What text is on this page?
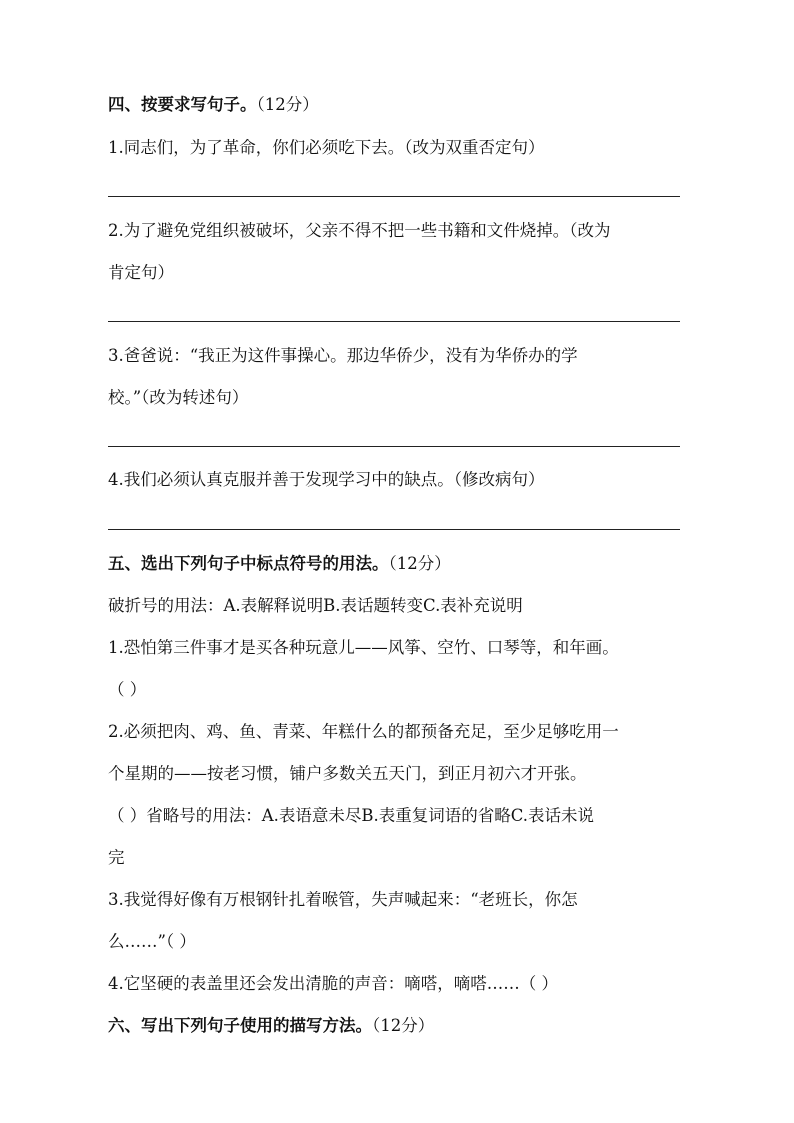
四、按要求写句子。（12分）
1.同志们，为了革命，你们必须吃下去。（改为双重否定句）
2.为了避免党组织被破坏，父亲不得不把一些书籍和文件烧掉。（改为
肯定句）
3.爸爸说：“我正为这件事操心。那边华侨少，没有为华侨办的学
校。”（改为转述句）
4.我们必须认真克服并善于发现学习中的缺点。（修改病句）
五、选出下列句子中标点符号的用法。（12分）
破折号的用法：A.表解释说明B.表话题转变C.表补充说明
1.恐怕第三件事才是买各种玩意儿——风筝、空竹、口琴等，和年画。
（ ）
2.必须把肉、鸡、鱼、青菜、年糕什么的都预备充足，至少足够吃用一
个星期的——按老习惯，铺户多数关五天门，到正月初六才开张。
（ ）省略号的用法：A.表语意未尽B.表重复词语的省略C.表话未说
完
3.我觉得好像有万根钢针扎着喉管，失声喊起来：“老班长，你怎
么……”（ ）
4.它坚硬的表盖里还会发出清脆的声音：嘀嗒，嘀嗒……（ ）
六、写出下列句子使用的描写方法。（12分）
